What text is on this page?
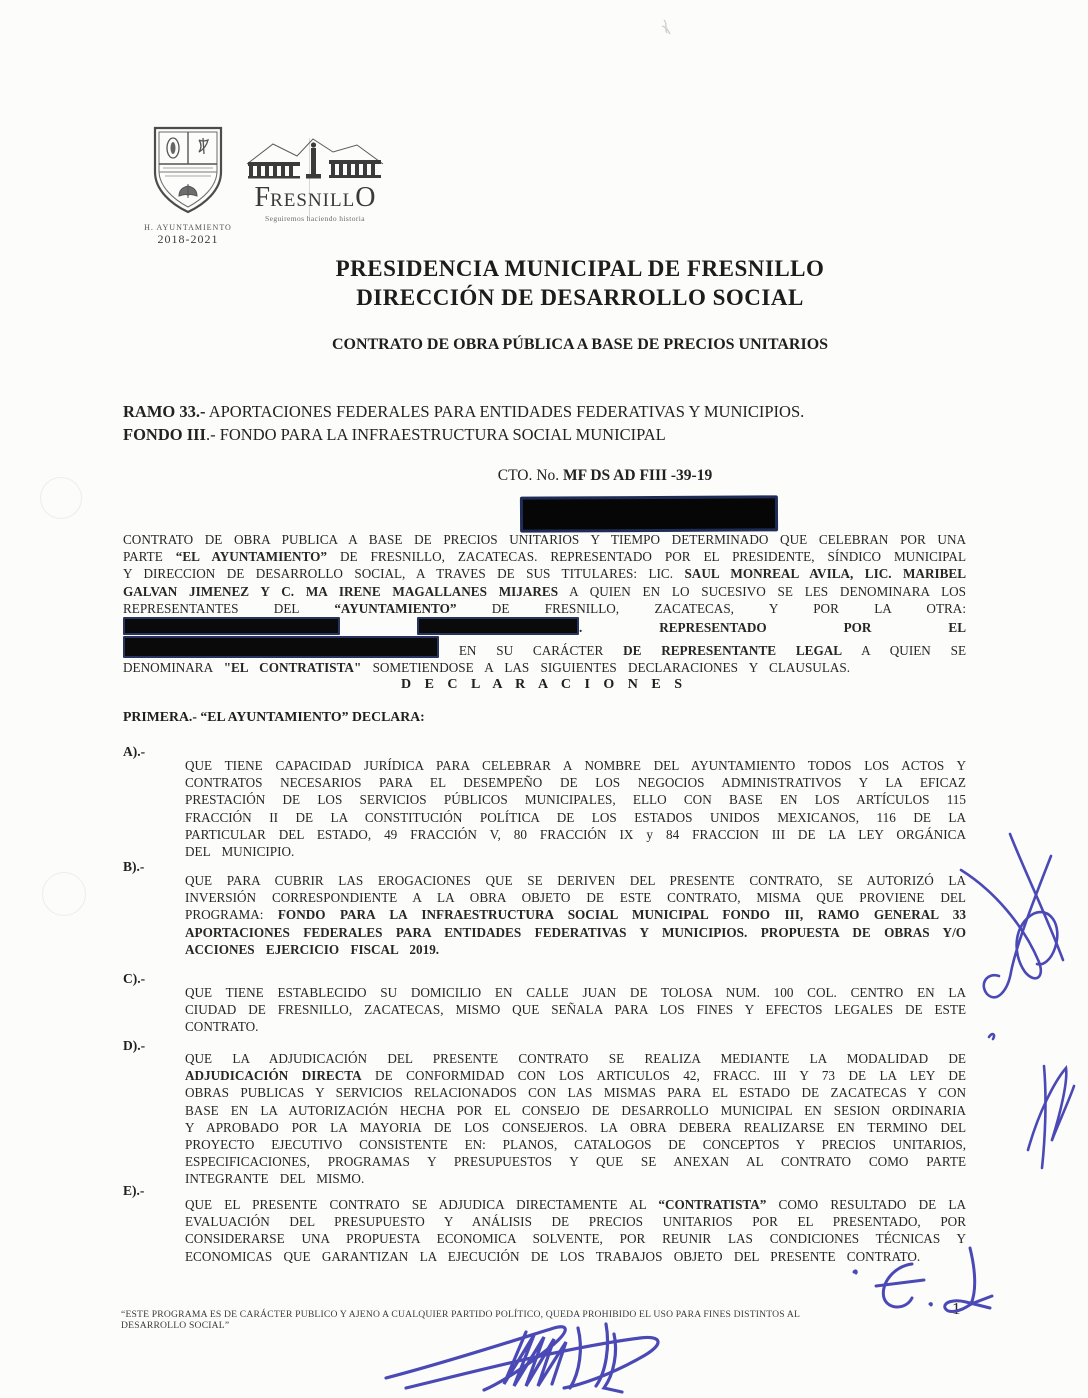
H. AYUNTAMIENTO
2018-2021
FRESNILLO
Seguiremos haciendo historia
PRESIDENCIA MUNICIPAL DE FRESNILLO
DIRECCIÓN DE DESARROLLO SOCIAL
CONTRATO DE OBRA PÚBLICA A BASE DE PRECIOS UNITARIOS
RAMO 33.- APORTACIONES FEDERALES PARA ENTIDADES FEDERATIVAS Y MUNICIPIOS.
FONDO III.- FONDO PARA LA INFRAESTRUCTURA SOCIAL MUNICIPAL
CTO. No. MF DS AD FIII -39-19
CONTRATO DE OBRA PUBLICA A BASE DE PRECIOS UNITARIOS Y TIEMPO DETERMINADO QUE CELEBRAN POR UNA PARTE “EL AYUNTAMIENTO” DE FRESNILLO, ZACATECAS. REPRESENTADO POR EL PRESIDENTE, SÍNDICO MUNICIPAL Y DIRECCION DE DESARROLLO SOCIAL, A TRAVES DE SUS TITULARES: LIC. SAUL MONREAL AVILA, LIC. MARIBEL GALVAN JIMENEZ Y C. MA IRENE MAGALLANES MIJARES A QUIEN EN LO SUCESIVO SE LES DENOMINARA LOS REPRESENTANTES DEL “AYUNTAMIENTO” DE FRESNILLO, ZACATECAS, Y POR LA OTRA:  . REPRESENTADO POR EL  EN SU CARÁCTER DE REPRESENTANTE LEGAL A QUIEN SE DENOMINARA "EL CONTRATISTA" SOMETIENDOSE A LAS SIGUIENTES DECLARACIONES Y CLAUSULAS.
D E C L A R A C I O N E S
PRIMERA.- “EL AYUNTAMIENTO” DECLARA:
A).-
QUE TIENE CAPACIDAD JURÍDICA PARA CELEBRAR A NOMBRE DEL AYUNTAMIENTO TODOS LOS ACTOS Y CONTRATOS NECESARIOS PARA EL DESEMPEÑO DE LOS NEGOCIOS ADMINISTRATIVOS Y LA EFICAZ PRESTACIÓN DE LOS SERVICIOS PÚBLICOS MUNICIPALES, ELLO CON BASE EN LOS ARTÍCULOS 115 FRACCIÓN II DE LA CONSTITUCIÓN POLÍTICA DE LOS ESTADOS UNIDOS MEXICANOS, 116 DE LA PARTICULAR DEL ESTADO, 49 FRACCIÓN V, 80 FRACCIÓN IX y 84 FRACCION III DE LA LEY ORGÁNICA DEL MUNICIPIO.
B).-
QUE PARA CUBRIR LAS EROGACIONES QUE SE DERIVEN DEL PRESENTE CONTRATO, SE AUTORIZÓ LA INVERSIÓN CORRESPONDIENTE A LA OBRA OBJETO DE ESTE CONTRATO, MISMA QUE PROVIENE DEL PROGRAMA: FONDO PARA LA INFRAESTRUCTURA SOCIAL MUNICIPAL FONDO III, RAMO GENERAL 33 APORTACIONES FEDERALES PARA ENTIDADES FEDERATIVAS Y MUNICIPIOS. PROPUESTA DE OBRAS Y/O ACCIONES EJERCICIO FISCAL 2019.
C).-
QUE TIENE ESTABLECIDO SU DOMICILIO EN CALLE JUAN DE TOLOSA NUM. 100 COL. CENTRO EN LA CIUDAD DE FRESNILLO, ZACATECAS, MISMO QUE SEÑALA PARA LOS FINES Y EFECTOS LEGALES DE ESTE CONTRATO.
D).-
QUE LA ADJUDICACIÓN DEL PRESENTE CONTRATO SE REALIZA MEDIANTE LA MODALIDAD DE ADJUDICACIÓN DIRECTA DE CONFORMIDAD CON LOS ARTICULOS 42, FRACC. III Y 73 DE LA LEY DE OBRAS PUBLICAS Y SERVICIOS RELACIONADOS CON LAS MISMAS PARA EL ESTADO DE ZACATECAS Y CON BASE EN LA AUTORIZACIÓN HECHA POR EL CONSEJO DE DESARROLLO MUNICIPAL EN SESION ORDINARIA Y APROBADO POR LA MAYORIA DE LOS CONSEJEROS. LA OBRA DEBERA REALIZARSE EN TERMINO DEL PROYECTO EJECUTIVO CONSISTENTE EN: PLANOS, CATALOGOS DE CONCEPTOS Y PRECIOS UNITARIOS, ESPECIFICACIONES, PROGRAMAS Y PRESUPUESTOS Y QUE SE ANEXAN AL CONTRATO COMO PARTE INTEGRANTE DEL MISMO.
E).-
QUE EL PRESENTE CONTRATO SE ADJUDICA DIRECTAMENTE AL “CONTRATISTA” COMO RESULTADO DE LA EVALUACIÓN DEL PRESUPUESTO Y ANÁLISIS DE PRECIOS UNITARIOS POR EL PRESENTADO, POR CONSIDERARSE UNA PROPUESTA ECONOMICA SOLVENTE, POR REUNIR LAS CONDICIONES TÉCNICAS Y ECONOMICAS QUE GARANTIZAN LA EJECUCIÓN DE LOS TRABAJOS OBJETO DEL PRESENTE CONTRATO.
“ESTE PROGRAMA ES DE CARÁCTER PUBLICO Y AJENO A CUALQUIER PARTIDO POLÍTICO, QUEDA PROHIBIDO EL USO PARA FINES DISTINTOS AL DESARROLLO SOCIAL”
1
